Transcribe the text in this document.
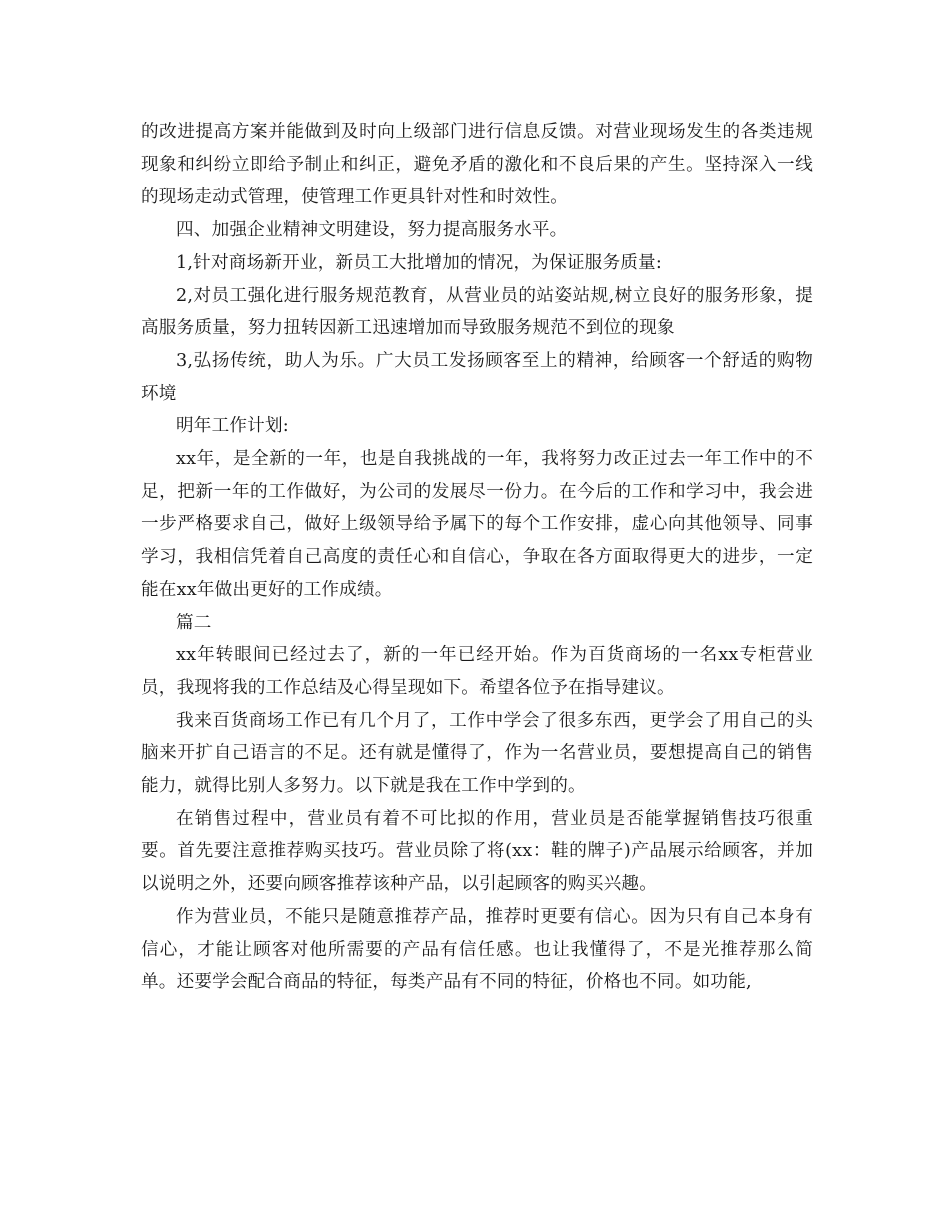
的改进提高方案并能做到及时向上级部门进行信息反馈。对营业现场发生的各类违规现象和纠纷立即给予制止和纠正，避免矛盾的激化和不良后果的产生。坚持深入一线的现场走动式管理，使管理工作更具针对性和时效性。

四、加强企业精神文明建设，努力提高服务水平。

1,针对商场新开业，新员工大批增加的情况，为保证服务质量:

2,对员工强化进行服务规范教育，从营业员的站姿站规,树立良好的服务形象，提高服务质量，努力扭转因新工迅速增加而导致服务规范不到位的现象

3,弘扬传统，助人为乐。广大员工发扬顾客至上的精神，给顾客一个舒适的购物环境

明年工作计划:

xx年，是全新的一年，也是自我挑战的一年，我将努力改正过去一年工作中的不足，把新一年的工作做好，为公司的发展尽一份力。在今后的工作和学习中，我会进一步严格要求自己，做好上级领导给予属下的每个工作安排，虚心向其他领导、同事学习，我相信凭着自己高度的责任心和自信心，争取在各方面取得更大的进步，一定能在xx年做出更好的工作成绩。

篇二

xx年转眼间已经过去了，新的一年已经开始。作为百货商场的一名xx专柜营业员，我现将我的工作总结及心得呈现如下。希望各位予在指导建议。

我来百货商场工作已有几个月了，工作中学会了很多东西，更学会了用自己的头脑来开扩自己语言的不足。还有就是懂得了，作为一名营业员，要想提高自己的销售能力，就得比别人多努力。以下就是我在工作中学到的。

在销售过程中，营业员有着不可比拟的作用，营业员是否能掌握销售技巧很重要。首先要注意推荐购买技巧。营业员除了将(xx：鞋的牌子)产品展示给顾客，并加以说明之外，还要向顾客推荐该种产品，以引起顾客的购买兴趣。

作为营业员，不能只是随意推荐产品，推荐时更要有信心。因为只有自己本身有信心，才能让顾客对他所需要的产品有信任感。也让我懂得了，不是光推荐那么简单。还要学会配合商品的特征，每类产品有不同的特征，价格也不同。如功能,
